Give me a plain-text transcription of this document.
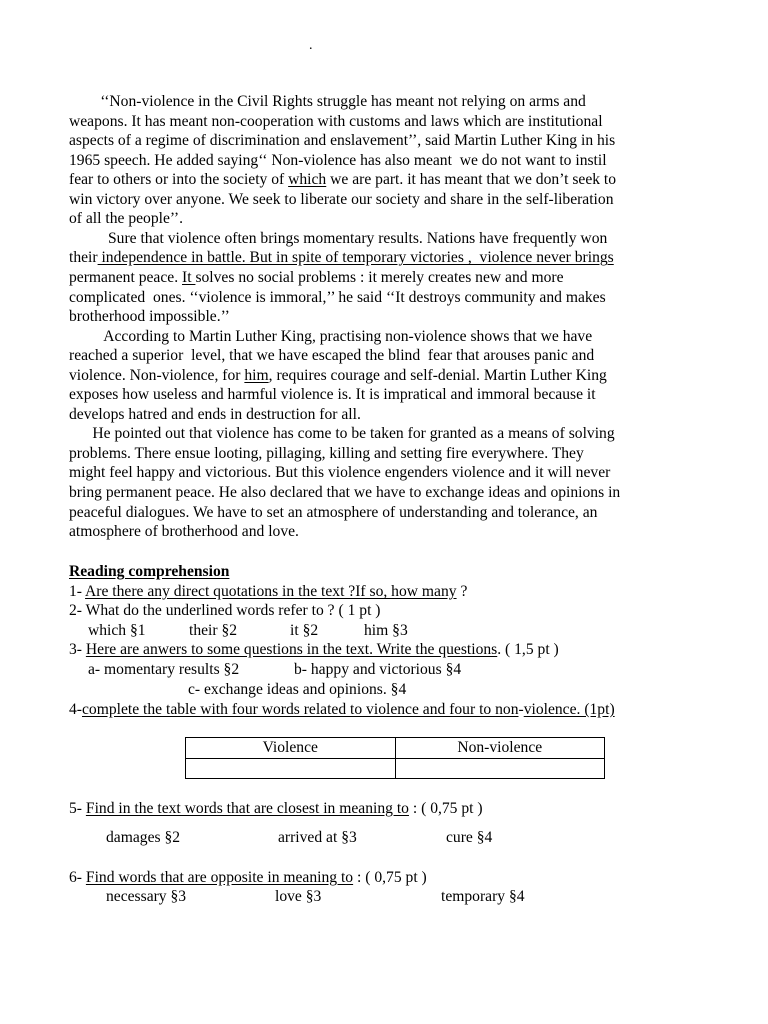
.
‘‘Non-violence in the Civil Rights struggle has meant not relying on arms and
weapons. It has meant non-cooperation with customs and laws which are institutional
aspects of a regime of discrimination and enslavement’’, said Martin Luther King in his
1965 speech. He added saying‘‘ Non-violence has also meant  we do not want to instil
fear to others or into the society of which we are part. it has meant that we don’t seek to
win victory over anyone. We seek to liberate our society and share in the self-liberation
of all the people’’.
Sure that violence often brings momentary results. Nations have frequently won
their independence in battle. But in spite of temporary victories ,  violence never brings
permanent peace. It solves no social problems : it merely creates new and more
complicated  ones. ‘‘violence is immoral,’’ he said ‘‘It destroys community and makes
brotherhood impossible.’’
According to Martin Luther King, practising non-violence shows that we have
reached a superior  level, that we have escaped the blind  fear that arouses panic and
violence. Non-violence, for him, requires courage and self-denial. Martin Luther King
exposes how useless and harmful violence is. It is impratical and immoral because it
develops hatred and ends in destruction for all.
He pointed out that violence has come to be taken for granted as a means of solving
problems. There ensue looting, pillaging, killing and setting fire everywhere. They
might feel happy and victorious. But this violence engenders violence and it will never
bring permanent peace. He also declared that we have to exchange ideas and opinions in
peaceful dialogues. We have to set an atmosphere of understanding and tolerance, an
atmosphere of brotherhood and love.
Reading comprehension
1- Are there any direct quotations in the text ?If so, how many ?
2- What do the underlined words refer to ? ( 1 pt )
which §1	their §2	it §2	him §3
3- Here are anwers to some questions in the text. Write the questions. ( 1,5 pt )
a- momentary results §2	b- happy and victorious §4
c- exchange ideas and opinions. §4
4-complete the table with four words related to violence and four to non-violence. (1pt)
Violence	Non-violence

5- Find in the text words that are closest in meaning to : ( 0,75 pt )
damages §2	arrived at §3	cure §4
6- Find words that are opposite in meaning to : ( 0,75 pt )
necessary §3	love §3	temporary §4
